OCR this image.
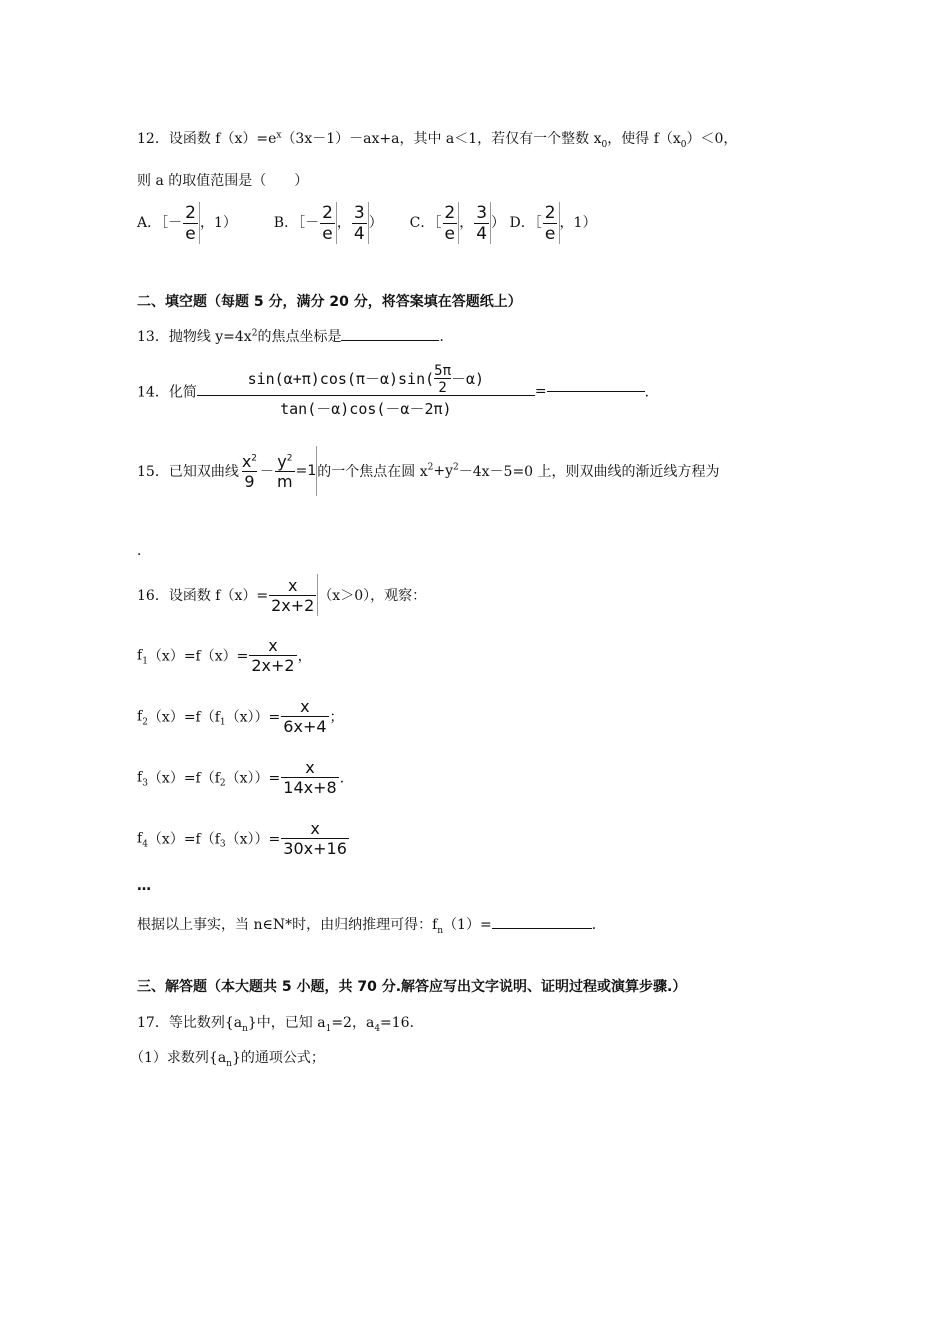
12．设函数 $f(x)=e^x(3x-1)-ax+a$，其中 a＜1，若仅有一个整数 $x_0$，使得 $f(x_0)<0$，
则 a 的取值范围是（　　）
A．［－ $\frac{2}{e}$ ，1）	B．［－ $\frac{2}{e}$ ， $\frac{3}{4}$ ） C．［ $\frac{2}{e}$ ， $\frac{3}{4}$ ） D．［ $\frac{2}{e}$ ，1）
二、填空题（每题 5 分，满分 20 分，将答案填在答题纸上）
13．抛物线 $y=4x^2$的焦点坐标是	．
14．化简 $\frac{\sin(\alpha+\pi)\cos(\pi-\alpha)\sin( \frac{5\pi}{2} -\alpha)}{\tan(-\alpha)\cos(-\alpha-2\pi)}$ =	．
15．已知双曲线 $\frac{x^2}{9} - \frac{y^2}{m} =1$的一个焦点在圆 $x^2+y^2-4x-5=0$ 上，则双曲线的渐近线方程为
．
16．设函数 $f(x)= \frac{x}{2x+2} (x>0)$，观察：
$f_1(x)=f(x)= \frac{x}{2x+2}$ ，
$f_2(x)=f(f_1(x))= \frac{x}{6x+4}$ ；
$f_3(x)=f(f_2(x))= \frac{x}{14x+8}$ ．
$f_4(x)=f(f_3(x))= \frac{x}{30x+16}$
…
根据以上事实，当 n∈N*时，由归纳推理可得：$f_n(1)=$	．
三、解答题（本大题共 5 小题，共 70 分.解答应写出文字说明、证明过程或演算步骤.）
17．等比数列$\{a_n\}$中，已知 $a_1=2$，$a_4=16$．
（1）求数列$\{a_n\}$的通项公式；
